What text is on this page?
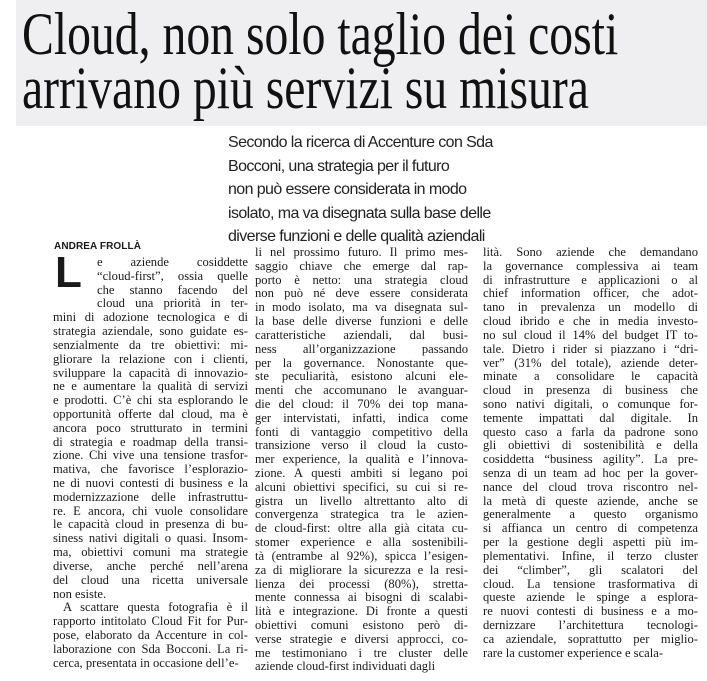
Cloud, non solo taglio dei costi
arrivano più servizi su misura
Secondo la ricerca di Accenture con Sda
Bocconi, una strategia per il futuro
non può essere considerata in modo
isolato, ma va disegnata sulla base delle
diverse funzioni e delle qualità aziendali
ANDREA FROLLÀ
L	e aziende cosiddette
“cloud-first”, ossia quelle
che stanno facendo del
cloud una priorità in ter-
mini di adozione tecnologica e di
strategia aziendale, sono guidate es-
senzialmente da tre obiettivi: mi-
gliorare la relazione con i clienti,
sviluppare la capacità di innovazio-
ne e aumentare la qualità di servizi
e prodotti. C’è chi sta esplorando le
opportunità offerte dal cloud, ma è
ancora poco strutturato in termini
di strategia e roadmap della transi-
zione. Chi vive una tensione trasfor-
mativa, che favorisce l’esplorazio-
ne di nuovi contesti di business e la
modernizzazione delle infrastruttu-
re. E ancora, chi vuole consolidare
le capacità cloud in presenza di bu-
siness nativi digitali o quasi. Insom-
ma, obiettivi comuni ma strategie
diverse, anche perché nell’arena
del cloud una ricetta universale
non esiste.
A scattare questa fotografia è il
rapporto intitolato Cloud Fit for Pur-
pose, elaborato da Accenture in col-
laborazione con Sda Bocconi. La ri-
cerca, presentata in occasione dell’e-
li nel prossimo futuro. Il primo mes-
saggio chiave che emerge dal rap-
porto è netto: una strategia cloud
non può né deve essere considerata
in modo isolato, ma va disegnata sul-
la base delle diverse funzioni e delle
caratteristiche aziendali, dal busi-
ness all’organizzazione passando
per la governance. Nonostante que-
ste peculiarità, esistono alcuni ele-
menti che accomunano le avanguar-
die del cloud: il 70% dei top mana-
ger intervistati, infatti, indica come
fonti di vantaggio competitivo della
transizione verso il cloud la custo-
mer experience, la qualità e l’innova-
zione. A questi ambiti si legano poi
alcuni obiettivi specifici, su cui si re-
gistra un livello altrettanto alto di
convergenza strategica tra le azien-
de cloud-first: oltre alla già citata cu-
stomer experience e alla sostenibili-
tà (entrambe al 92%), spicca l’esigen-
za di migliorare la sicurezza e la resi-
lienza dei processi (80%), stretta-
mente connessa ai bisogni di scalabi-
lità e integrazione. Di fronte a questi
obiettivi comuni esistono però di-
verse strategie e diversi approcci, co-
me testimoniano i tre cluster delle
aziende cloud-first individuati dagli
lità. Sono aziende che demandano
la governance complessiva ai team
di infrastrutture e applicazioni o al
chief information officer, che adot-
tano in prevalenza un modello di
cloud ibrido e che in media investo-
no sul cloud il 14% del budget IT to-
tale. Dietro i rider si piazzano i “dri-
ver” (31% del totale), aziende deter-
minate a consolidare le capacità
cloud in presenza di business che
sono nativi digitali, o comunque for-
temente impattati dal digitale. In
questo caso a farla da padrone sono
gli obiettivi di sostenibilità e della
cosiddetta “business agility”. La pre-
senza di un team ad hoc per la gover-
nance del cloud trova riscontro nel-
la metà di queste aziende, anche se
generalmente a questo organismo
si affianca un centro di competenza
per la gestione degli aspetti più im-
plementativi. Infine, il terzo cluster
dei “climber”, gli scalatori del
cloud. La tensione trasformativa di
queste aziende le spinge a esplora-
re nuovi contesti di business e a mo-
dernizzare l’architettura tecnologi-
ca aziendale, soprattutto per miglio-
rare la customer experience e scala-
